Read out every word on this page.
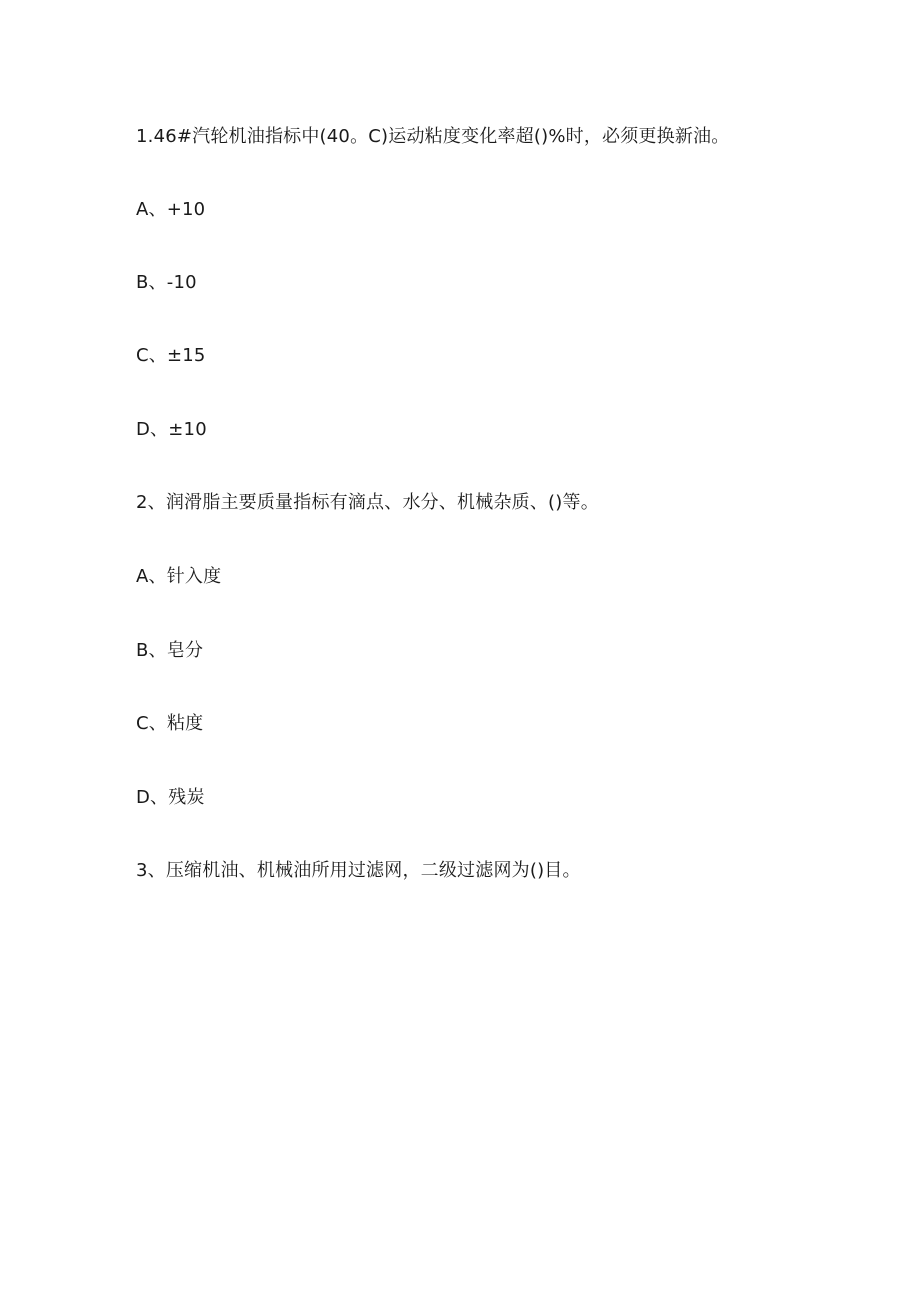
1.46#汽轮机油指标中(40。C)运动粘度变化率超()%时，必须更换新油。
A、+10
B、-10
C、±15
D、±10
2、润滑脂主要质量指标有滴点、水分、机械杂质、()等。
A、针入度
B、皂分
C、粘度
D、残炭
3、压缩机油、机械油所用过滤网，二级过滤网为()目。
